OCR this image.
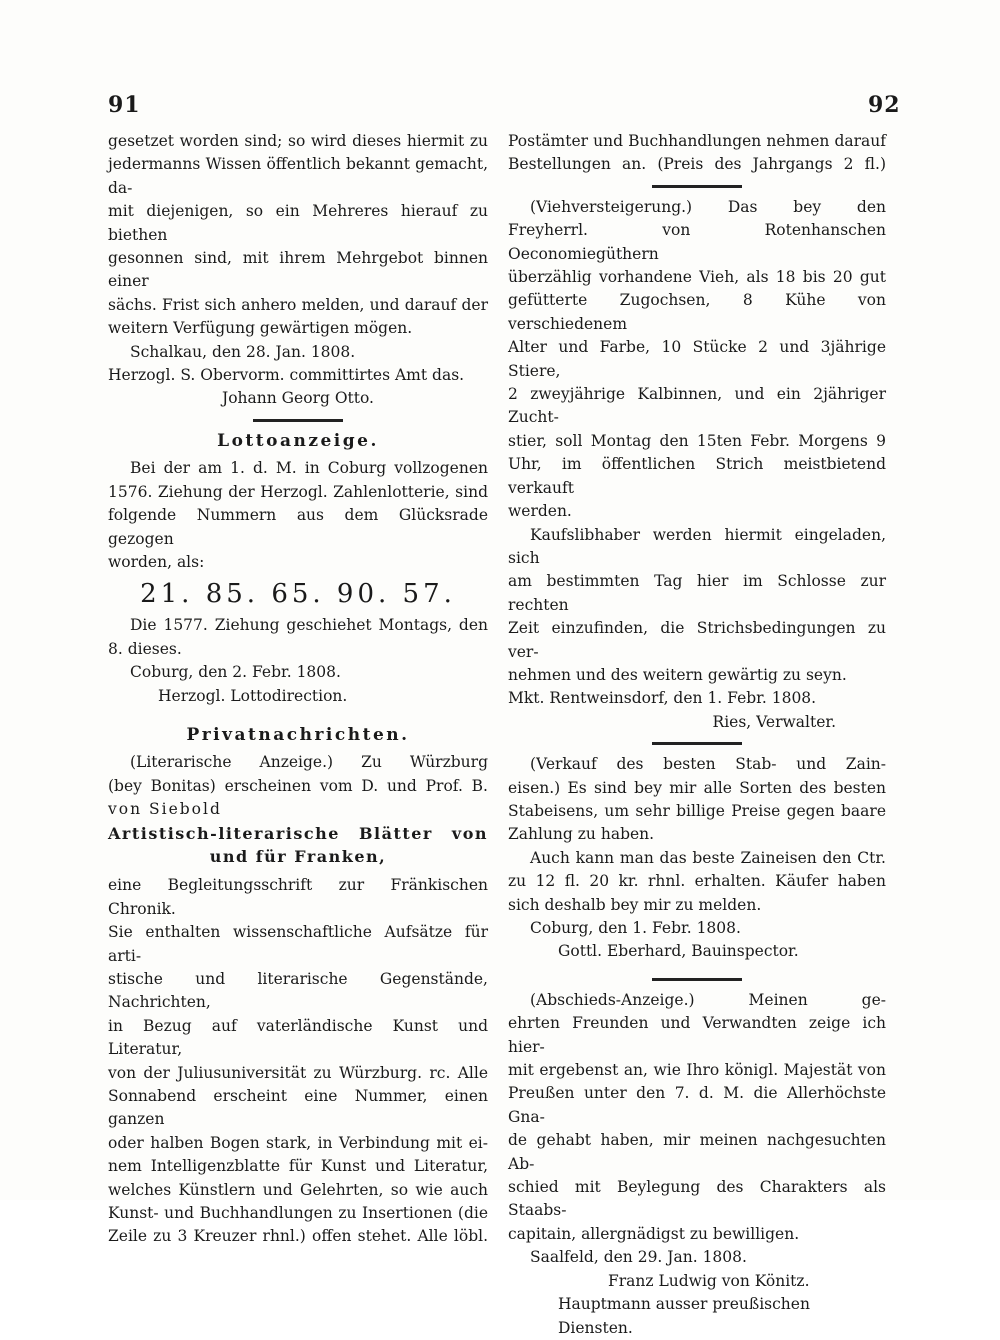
91	92
gesetzet worden sind; so wird dieses hiermit zu
jedermanns Wissen öffentlich bekannt gemacht, da-
mit diejenigen, so ein Mehreres hierauf zu biethen
gesonnen sind, mit ihrem Mehrgebot binnen einer
sächs. Frist sich anhero melden, und darauf der
weitern Verfügung gewärtigen mögen.
Schalkau, den 28. Jan. 1808.
Herzogl. S. Obervorm. committirtes Amt das.
Johann Georg Otto.
Lottoanzeige.
Bei der am 1. d. M. in Coburg vollzogenen
1576. Ziehung der Herzogl. Zahlenlotterie, sind
folgende Nummern aus dem Glücksrade gezogen
worden, als:
21. 85. 65. 90. 57.
Die 1577. Ziehung geschiehet Montags, den
8. dieses.
Coburg, den 2. Febr. 1808.
Herzogl. Lottodirection.
Privatnachrichten.
(Literarische Anzeige.) Zu Würzburg
(bey Bonitas) erscheinen vom D. und Prof. B.
von Siebold
Artistisch-literarische Blätter von
und für Franken,
eine Begleitungsschrift zur Fränkischen Chronik.
Sie enthalten wissenschaftliche Aufsätze für arti-
stische und literarische Gegenstände, Nachrichten,
in Bezug auf vaterländische Kunst und Literatur,
von der Juliusuniversität zu Würzburg. rc. Alle
Sonnabend erscheint eine Nummer, einen ganzen
oder halben Bogen stark, in Verbindung mit ei-
nem Intelligenzblatte für Kunst und Literatur,
welches Künstlern und Gelehrten, so wie auch
Kunst- und Buchhandlungen zu Insertionen (die
Zeile zu 3 Kreuzer rhnl.) offen stehet. Alle löbl.
Postämter und Buchhandlungen nehmen darauf
Bestellungen an. (Preis des Jahrgangs 2 fl.)
(Viehversteigerung.) Das bey den
Freyherrl. von Rotenhanschen Oeconomiegüthern
überzählig vorhandene Vieh, als 18 bis 20 gut
gefütterte Zugochsen, 8 Kühe von verschiedenem
Alter und Farbe, 10 Stücke 2 und 3jährige Stiere,
2 zweyjährige Kalbinnen, und ein 2jähriger Zucht-
stier, soll Montag den 15ten Febr. Morgens 9
Uhr, im öffentlichen Strich meistbietend verkauft
werden.
Kaufslibhaber werden hiermit eingeladen, sich
am bestimmten Tag hier im Schlosse zur rechten
Zeit einzufinden, die Strichsbedingungen zu ver-
nehmen und des weitern gewärtig zu seyn.
Mkt. Rentweinsdorf, den 1. Febr. 1808.
Ries, Verwalter.
(Verkauf des besten Stab- und Zain-
eisen.) Es sind bey mir alle Sorten des besten
Stabeisens, um sehr billige Preise gegen baare
Zahlung zu haben.
Auch kann man das beste Zaineisen den Ctr.
zu 12 fl. 20 kr. rhnl. erhalten. Käufer haben
sich deshalb bey mir zu melden.
Coburg, den 1. Febr. 1808.
Gottl. Eberhard, Bauinspector.
(Abschieds-Anzeige.) Meinen ge-
ehrten Freunden und Verwandten zeige ich hier-
mit ergebenst an, wie Ihro königl. Majestät von
Preußen unter den 7. d. M. die Allerhöchste Gna-
de gehabt haben, mir meinen nachgesuchten Ab-
schied mit Beylegung des Charakters als Staabs-
capitain, allergnädigst zu bewilligen.
Saalfeld, den 29. Jan. 1808.
Franz Ludwig von Könitz.
Hauptmann ausser preußischen Diensten.
